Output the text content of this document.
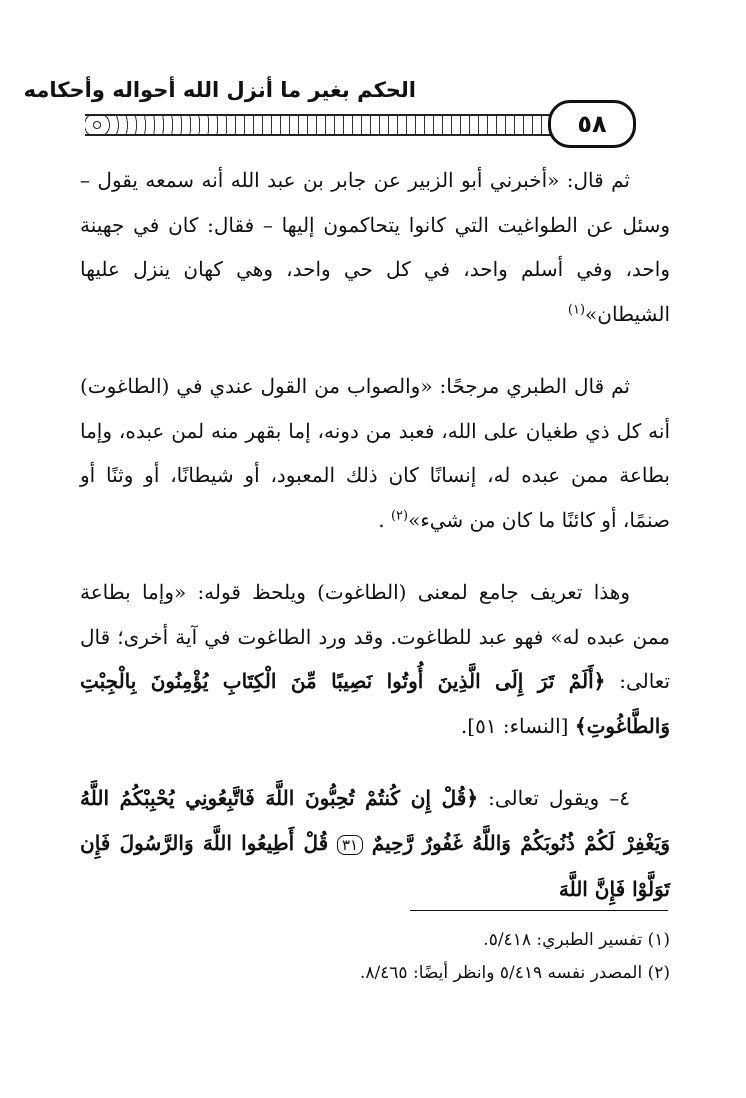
الحكم بغير ما أنزل الله أحواله وأحكامه
٥٨

ثم قال: «أخبرني أبو الزبير عن جابر بن عبد الله أنه سمعه يقول – وسئل عن الطواغيت التي كانوا يتحاكمون إليها – فقال: كان في جهينة واحد، وفي أسلم واحد، في كل حي واحد، وهي كهان ينزل عليها الشيطان»$^{(١)}$

ثم قال الطبري مرجحًا: «والصواب من القول عندي في (الطاغوت) أنه كل ذي طغيان على الله، فعبد من دونه، إما بقهر منه لمن عبده، وإما بطاعة ممن عبده له، إنسانًا كان ذلك المعبود، أو شيطانًا، أو وثنًا أو صنمًا، أو كائنًا ما كان من شيء»$^{(٢)}$ .

وهذا تعريف جامع لمعنى (الطاغوت) ويلحظ قوله: «وإما بطاعة ممن عبده له» فهو عبد للطاغوت. وقد ورد الطاغوت في آية أخرى؛ قال تعالى: ﴿أَلَمْ تَرَ إِلَى الَّذِينَ أُوتُوا نَصِيبًا مِّنَ الْكِتَابِ يُؤْمِنُونَ بِالْجِبْتِ وَالطَّاغُوتِ﴾ [النساء: ٥١].

٤– ويقول تعالى: ﴿قُلْ إِن كُنتُمْ تُحِبُّونَ اللَّهَ فَاتَّبِعُونِي يُحْبِبْكُمُ اللَّهُ وَيَغْفِرْ لَكُمْ ذُنُوبَكُمْ وَاللَّهُ غَفُورٌ رَّحِيمٌ ٣١ قُلْ أَطِيعُوا اللَّهَ وَالرَّسُولَ فَإِن تَوَلَّوْا فَإِنَّ اللَّهَ

(١) تفسير الطبري: ٥/٤١٨.

(٢) المصدر نفسه ٥/٤١٩ وانظر أيضًا: ٨/٤٦٥.
